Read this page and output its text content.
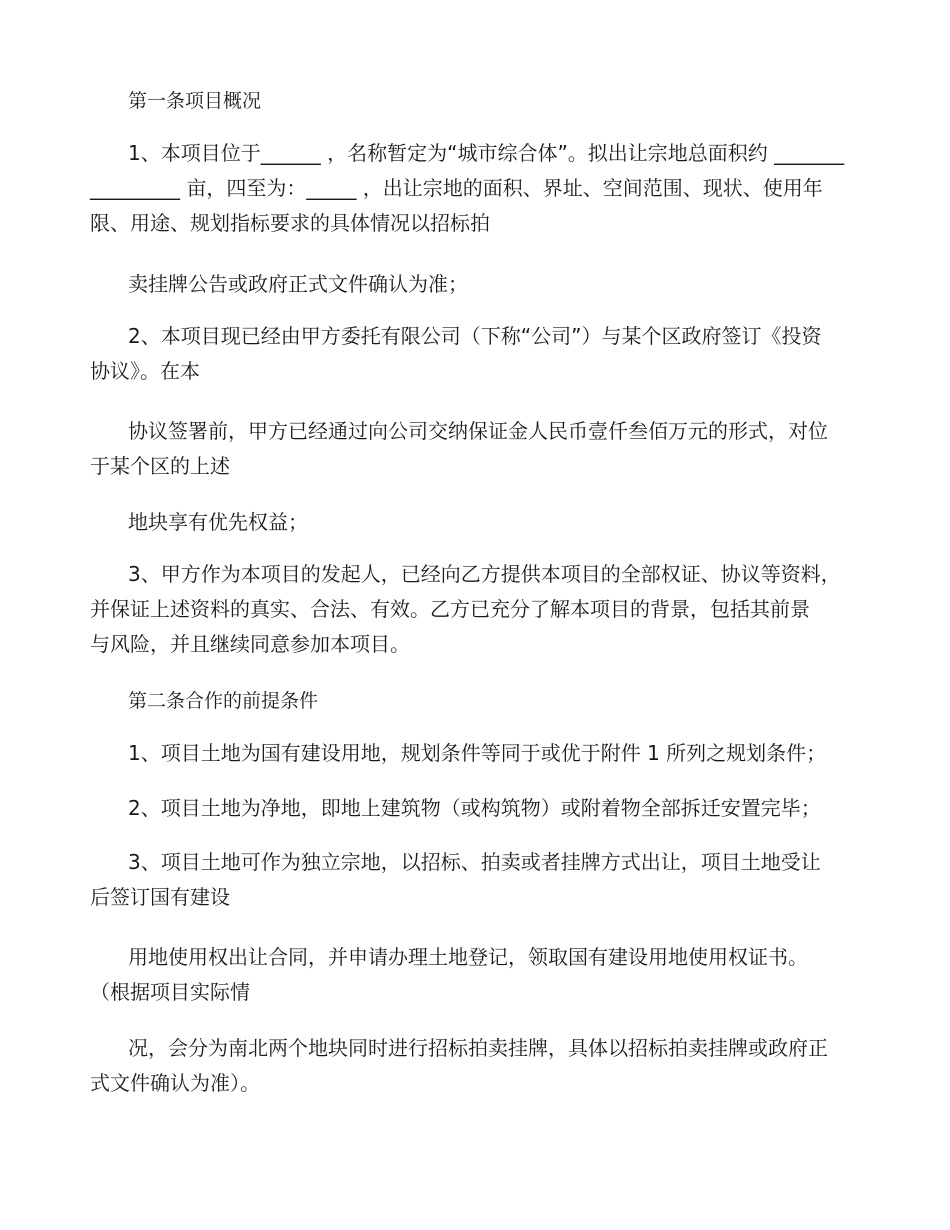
第一条项目概况

1、本项目位于______ ，名称暂定为“城市综合体”。拟出让宗地总面积约 _______
_________ 亩，四至为：_____ ，出让宗地的面积、界址、空间范围、现状、使用年
限、用途、规划指标要求的具体情况以招标拍

卖挂牌公告或政府正式文件确认为准；

2、本项目现已经由甲方委托有限公司（下称“公司”）与某个区政府签订《投资
协议》。在本

协议签署前，甲方已经通过向公司交纳保证金人民币壹仟叁佰万元的形式，对位
于某个区的上述

地块享有优先权益；

3、甲方作为本项目的发起人，已经向乙方提供本项目的全部权证、协议等资料，
并保证上述资料的真实、合法、有效。乙方已充分了解本项目的背景，包括其前景
与风险，并且继续同意参加本项目。

第二条合作的前提条件

1、项目土地为国有建设用地，规划条件等同于或优于附件 1 所列之规划条件；

2、项目土地为净地，即地上建筑物（或构筑物）或附着物全部拆迁安置完毕；

3、项目土地可作为独立宗地，以招标、拍卖或者挂牌方式出让，项目土地受让
后签订国有建设

用地使用权出让合同，并申请办理土地登记，领取国有建设用地使用权证书。
（根据项目实际情

况，会分为南北两个地块同时进行招标拍卖挂牌，具体以招标拍卖挂牌或政府正
式文件确认为准）。
